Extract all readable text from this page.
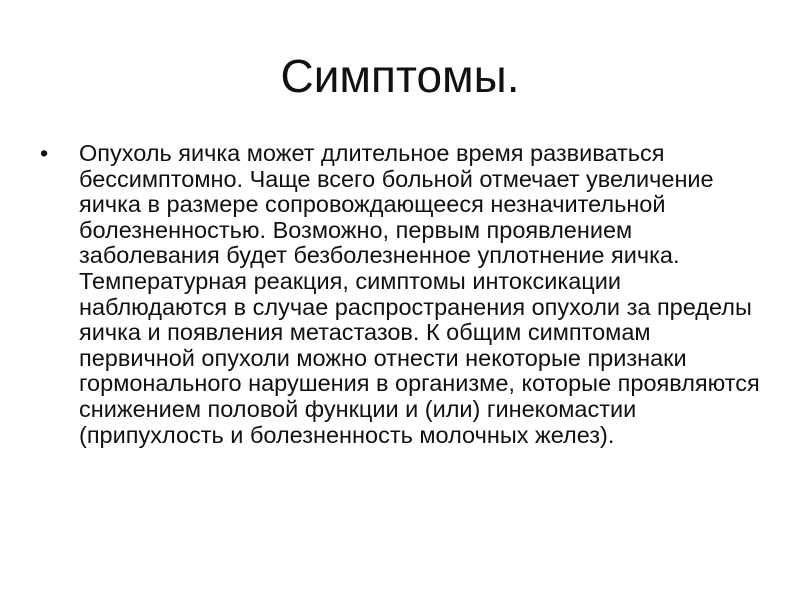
Симптомы.
• Опухоль яичка может длительное время развиваться бессимптомно. Чаще всего больной отмечает увеличение яичка в размере сопровождающееся незначительной болезненностью. Возможно, первым проявлением заболевания будет безболезненное уплотнение яичка. Температурная реакция, симптомы интоксикации наблюдаются в случае распространения опухоли за пределы яичка и появления метастазов. К общим симптомам первичной опухоли можно отнести некоторые признаки гормонального нарушения в организме, которые проявляются снижением половой функции и (или) гинекомастии (припухлость и болезненность молочных желез).
